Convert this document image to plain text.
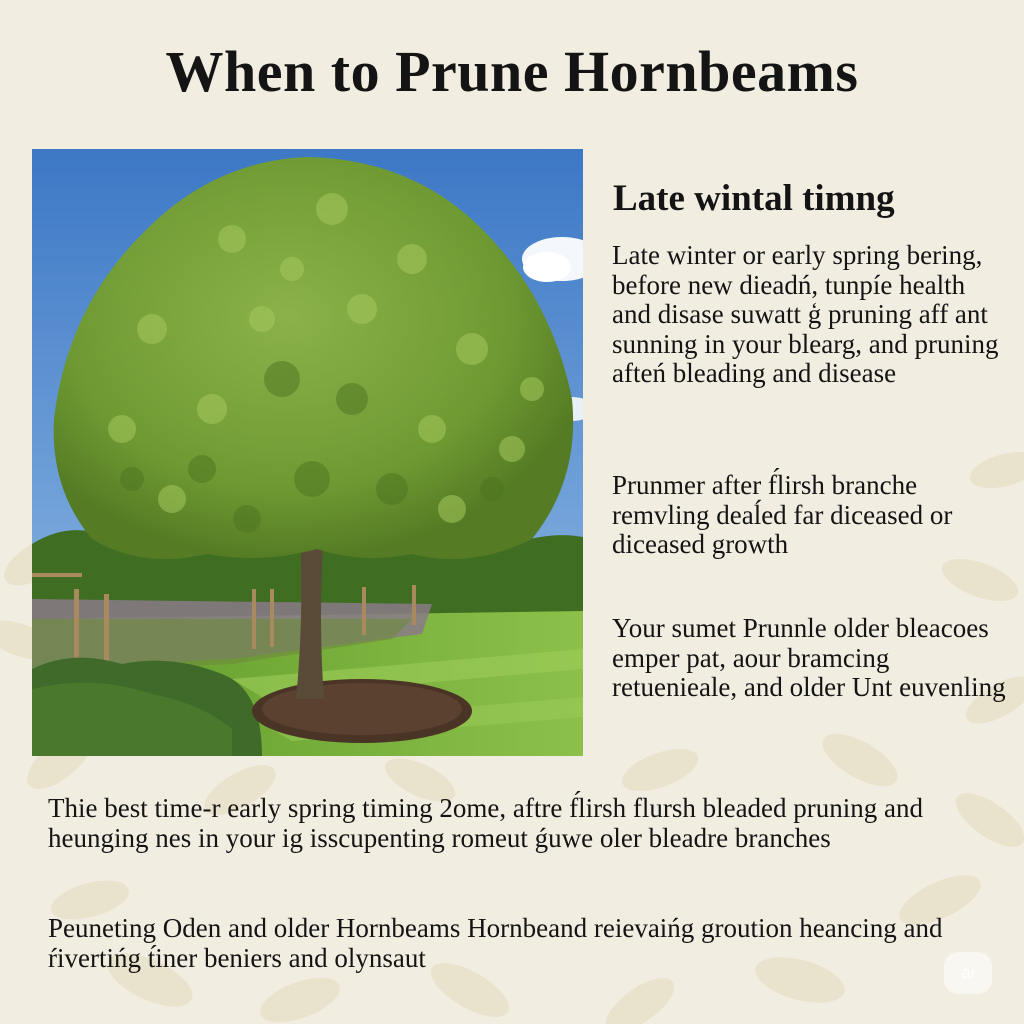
When to Prune Hornbeams
Late wintal timng

Late winter or early spring bering, before new dieadń, tunpíe health and disase suwatt ģ pruning aff ant sunning in your blearg, and pruning afteń bleading and disease

Prunmer after f́lirsh branche remvling deaĺed far diceased or diceased growth

Your sumet Prunnle older bleacoes emper pat, aour bramcing retuenieale, and older Unt euvenling

Thie best time-r early spring timing 2ome, aftre f́lirsh flursh bleaded pruning and heunging nes in your ig isscupenting romeut ǵuwe oler bleadre branches

Peuneting Oden and older Hornbeams Hornbeand reievaińg groution heancing and ŕivertińg t́iner beniers and olynsaut	ai
